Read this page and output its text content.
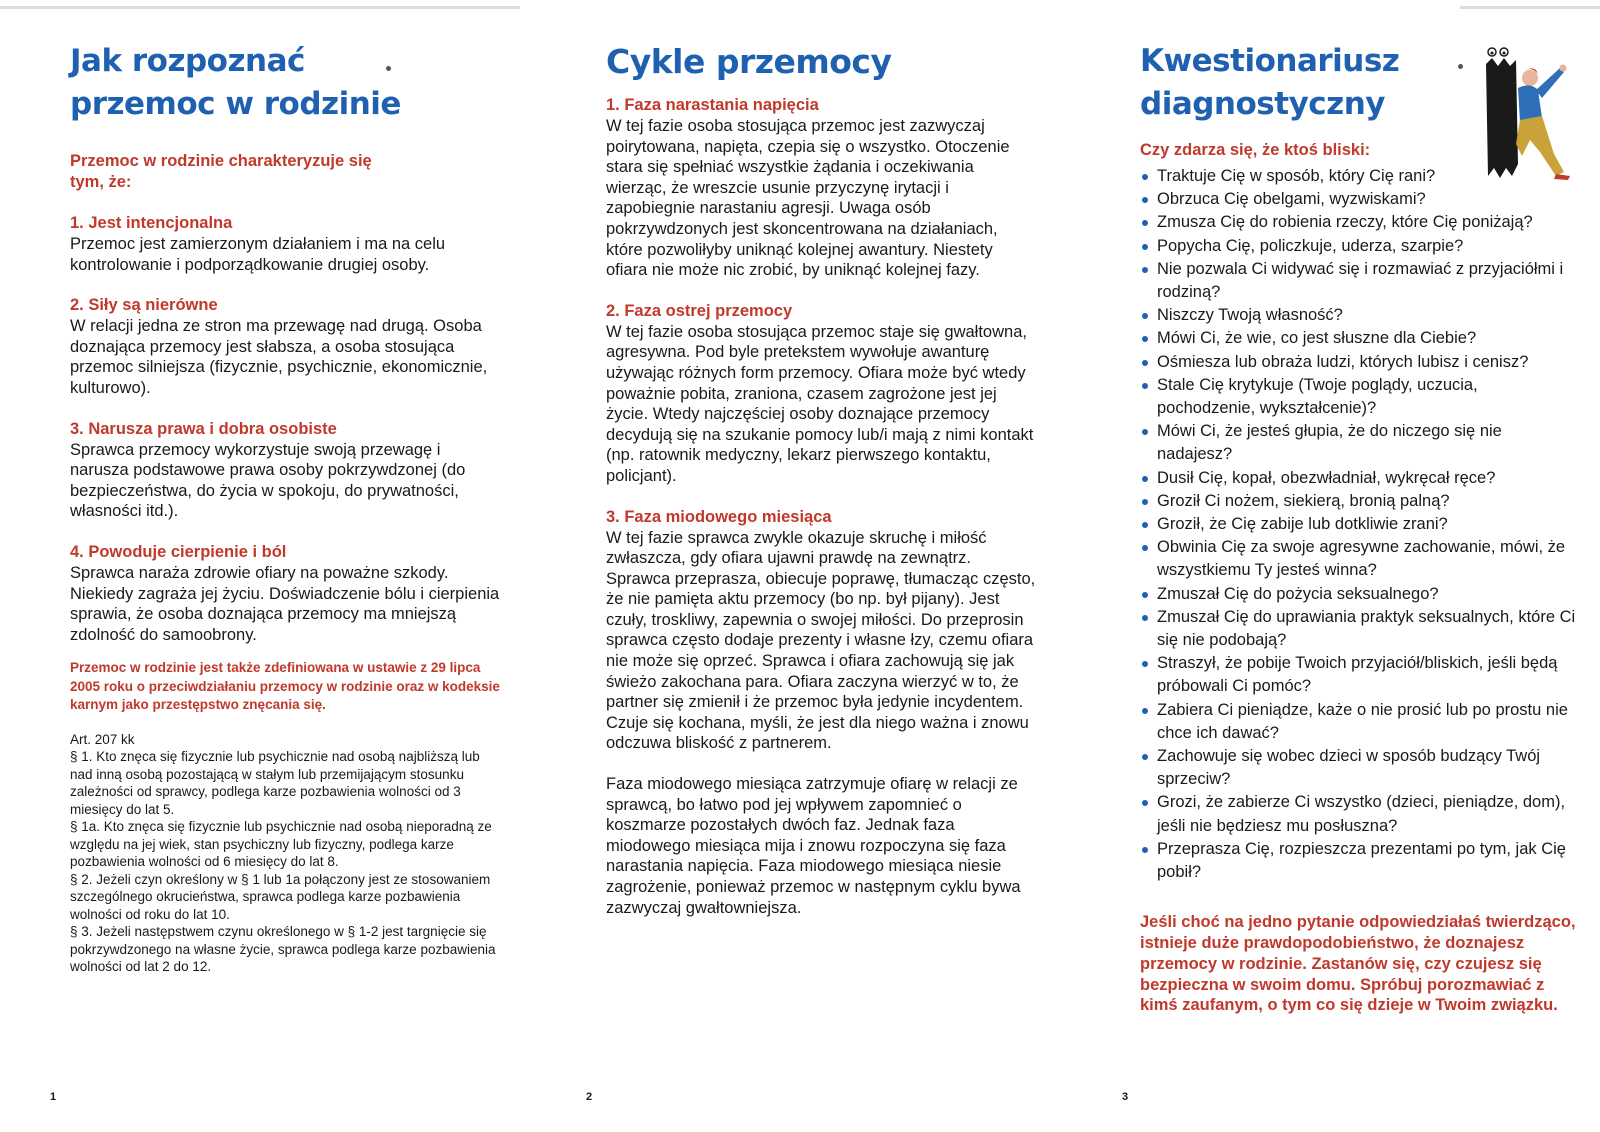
Jak rozpoznać
przemoc w rodzinie

Przemoc w rodzinie charakteryzuje się tym, że:

1. Jest intencjonalna

Przemoc jest zamierzonym działaniem i ma na celu kontrolowanie i podporządkowanie drugiej osoby.

2. Siły są nierówne

W relacji jedna ze stron ma przewagę nad drugą. Osoba doznająca przemocy jest słabsza, a osoba stosująca przemoc silniejsza (fizycznie, psychicznie, ekonomicznie, kulturowo).

3. Narusza prawa i dobra osobiste

Sprawca przemocy wykorzystuje swoją przewagę i narusza podstawowe prawa osoby pokrzywdzonej (do bezpieczeństwa, do życia w spokoju, do prywatności, własności itd.).

4. Powoduje cierpienie i ból

Sprawca naraża zdrowie ofiary na poważne szkody. Niekiedy zagraża jej życiu. Doświadczenie bólu i cierpienia sprawia, że osoba doznająca przemocy ma mniejszą zdolność do samoobrony.

Przemoc w rodzinie jest także zdefiniowana w ustawie z 29 lipca 2005 roku o przeciwdziałaniu przemocy w rodzinie oraz w kodeksie karnym jako przestępstwo znęcania się.

Art. 207 kk
§ 1. Kto znęca się fizycznie lub psychicznie nad osobą najbliższą lub nad inną osobą pozostającą w stałym lub przemijającym stosunku zależności od sprawcy, podlega karze pozbawienia wolności od 3 miesięcy do lat 5.
§ 1a. Kto znęca się fizycznie lub psychicznie nad osobą nieporadną ze względu na jej wiek, stan psychiczny lub fizyczny, podlega karze pozbawienia wolności od 6 miesięcy do lat 8.
§ 2. Jeżeli czyn określony w § 1 lub 1a połączony jest ze stosowaniem szczególnego okrucieństwa, sprawca podlega karze pozbawienia wolności od roku do lat 10.
§ 3. Jeżeli następstwem czynu określonego w § 1-2 jest targnięcie się pokrzywdzonego na własne życie, sprawca podlega karze pozbawienia wolności od lat 2 do 12.
1
Cykle przemocy
1. Faza narastania napięcia

W tej fazie osoba stosująca przemoc jest zazwyczaj poirytowana, napięta, czepia się o wszystko. Otoczenie stara się spełniać wszystkie żądania i oczekiwania wierząc, że wreszcie usunie przyczynę irytacji i zapobiegnie narastaniu agresji. Uwaga osób pokrzywdzonych jest skoncentrowana na działaniach, które pozwoliłyby uniknąć kolejnej awantury. Niestety ofiara nie może nic zrobić, by uniknąć kolejnej fazy.

2. Faza ostrej przemocy

W tej fazie osoba stosująca przemoc staje się gwałtowna, agresywna. Pod byle pretekstem wywołuje awanturę używając różnych form przemocy. Ofiara może być wtedy poważnie pobita, zraniona, czasem zagrożone jest jej życie. Wtedy najczęściej osoby doznające przemocy decydują się na szukanie pomocy lub/i mają z nimi kontakt (np. ratownik medyczny, lekarz pierwszego kontaktu, policjant).

3. Faza miodowego miesiąca

W tej fazie sprawca zwykle okazuje skruchę i miłość zwłaszcza, gdy ofiara ujawni prawdę na zewnątrz. Sprawca przeprasza, obiecuje poprawę, tłumacząc często, że nie pamięta aktu przemocy (bo np. był pijany). Jest czuły, troskliwy, zapewnia o swojej miłości. Do przeprosin sprawca często dodaje prezenty i własne łzy, czemu ofiara nie może się oprzeć. Sprawca i ofiara zachowują się jak świeżo zakochana para. Ofiara zaczyna wierzyć w to, że partner się zmienił i że przemoc była jedynie incydentem. Czuje się kochana, myśli, że jest dla niego ważna i znowu odczuwa bliskość z partnerem.

Faza miodowego miesiąca zatrzymuje ofiarę w relacji ze sprawcą, bo łatwo pod jej wpływem zapomnieć o koszmarze pozostałych dwóch faz. Jednak faza miodowego miesiąca mija i znowu rozpoczyna się faza narastania napięcia. Faza miodowego miesiąca niesie zagrożenie, ponieważ przemoc w następnym cyklu bywa zazwyczaj gwałtowniejsza.

2
Kwestionariusz
diagnostyczny
Czy zdarza się, że ktoś bliski:
Traktuje Cię w sposób, który Cię rani?
Obrzuca Cię obelgami, wyzwiskami?
Zmusza Cię do robienia rzeczy, które Cię poniżają?
Popycha Cię, policzkuje, uderza, szarpie?
Nie pozwala Ci widywać się i rozmawiać z przyjaciółmi i rodziną?
Niszczy Twoją własność?
Mówi Ci, że wie, co jest słuszne dla Ciebie?
Ośmiesza lub obraża ludzi, których lubisz i cenisz?
Stale Cię krytykuje (Twoje poglądy, uczucia, pochodzenie, wykształcenie)?
Mówi Ci, że jesteś głupia, że do niczego się nie nadajesz?
Dusił Cię, kopał, obezwładniał, wykręcał ręce?
Groził Ci nożem, siekierą, bronią palną?
Groził, że Cię zabije lub dotkliwie zrani?
Obwinia Cię za swoje agresywne zachowanie, mówi, że wszystkiemu Ty jesteś winna?
Zmuszał Cię do pożycia seksualnego?
Zmuszał Cię do uprawiania praktyk seksualnych, które Ci się nie podobają?
Straszył, że pobije Twoich przyjaciół/bliskich, jeśli będą próbowali Ci pomóc?
Zabiera Ci pieniądze, każe o nie prosić lub po prostu nie chce ich dawać?
Zachowuje się wobec dzieci w sposób budzący Twój sprzeciw?
Grozi, że zabierze Ci wszystko (dzieci, pieniądze, dom), jeśli nie będziesz mu posłuszna?
Przeprasza Cię, rozpieszcza prezentami po tym, jak Cię pobił?

Jeśli choć na jedno pytanie odpowiedziałaś twierdząco, istnieje duże prawdopodobieństwo, że doznajesz przemocy w rodzinie. Zastanów się, czy czujesz się bezpieczna w swoim domu. Spróbuj porozmawiać z kimś zaufanym, o tym co się dzieje w Twoim związku.

3
